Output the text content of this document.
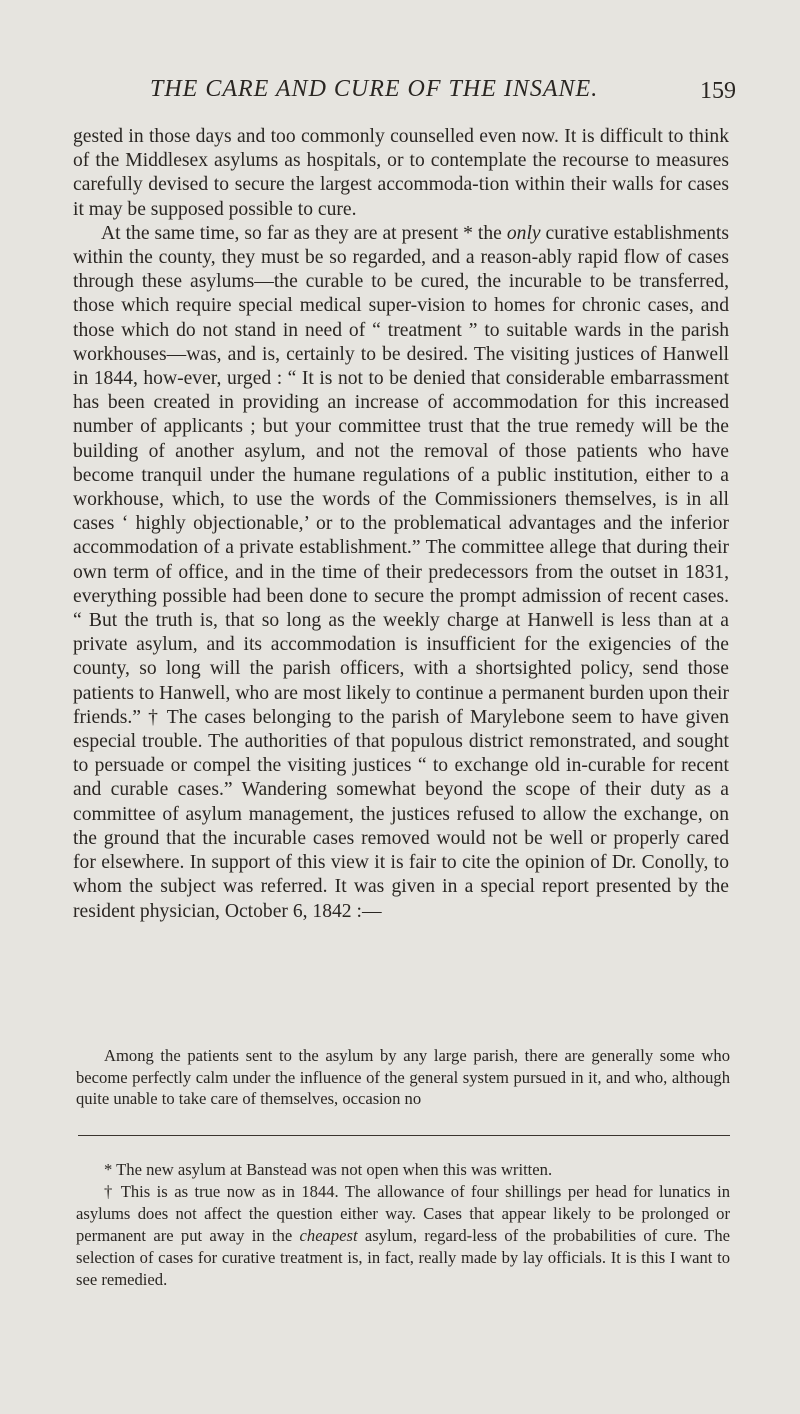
THE CARE AND CURE OF THE INSANE.	159

gested in those days and too commonly counselled even now. It is difficult to think of the Middlesex asylums as hospitals, or to contemplate the recourse to measures carefully devised to secure the largest accommoda-tion within their walls for cases it may be supposed possible to cure.

At the same time, so far as they are at present * the only curative establishments within the county, they must be so regarded, and a reason-ably rapid flow of cases through these asylums—the curable to be cured, the incurable to be transferred, those which require special medical super-vision to homes for chronic cases, and those which do not stand in need of “ treatment ” to suitable wards in the parish workhouses—was, and is, certainly to be desired. The visiting justices of Hanwell in 1844, how-ever, urged : “ It is not to be denied that considerable embarrassment has been created in providing an increase of accommodation for this increased number of applicants ; but your committee trust that the true remedy will be the building of another asylum, and not the removal of those patients who have become tranquil under the humane regulations of a public institution, either to a workhouse, which, to use the words of the Commissioners themselves, is in all cases ‘ highly objectionable,’ or to the problematical advantages and the inferior accommodation of a private establishment.” The committee allege that during their own term of office, and in the time of their predecessors from the outset in 1831, everything possible had been done to secure the prompt admission of recent cases. “ But the truth is, that so long as the weekly charge at Hanwell is less than at a private asylum, and its accommodation is insufficient for the exigencies of the county, so long will the parish officers, with a shortsighted policy, send those patients to Hanwell, who are most likely to continue a permanent burden upon their friends.” † The cases belonging to the parish of Marylebone seem to have given especial trouble. The authorities of that populous district remonstrated, and sought to persuade or compel the visiting justices “ to exchange old in-curable for recent and curable cases.” Wandering somewhat beyond the scope of their duty as a committee of asylum management, the justices refused to allow the exchange, on the ground that the incurable cases removed would not be well or properly cared for elsewhere. In support of this view it is fair to cite the opinion of Dr. Conolly, to whom the subject was referred. It was given in a special report presented by the resident physician, October 6, 1842 :—

Among the patients sent to the asylum by any large parish, there are generally some who become perfectly calm under the influence of the general system pursued in it, and who, although quite unable to take care of themselves, occasion no

* The new asylum at Banstead was not open when this was written.

† This is as true now as in 1844. The allowance of four shillings per head for lunatics in asylums does not affect the question either way. Cases that appear likely to be prolonged or permanent are put away in the cheapest asylum, regard-less of the probabilities of cure. The selection of cases for curative treatment is, in fact, really made by lay officials. It is this I want to see remedied.
